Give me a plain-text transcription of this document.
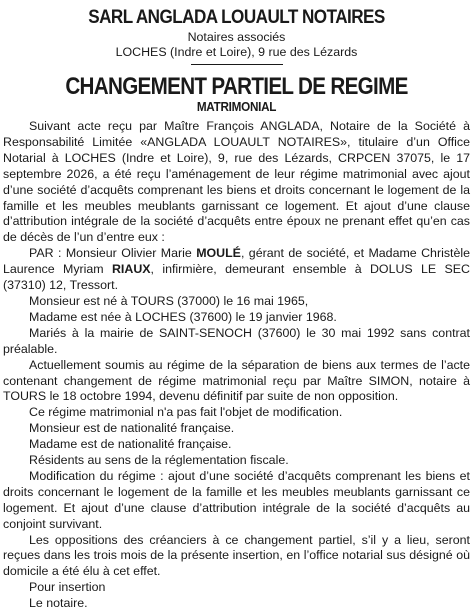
SARL ANGLADA LOUAULT NOTAIRES
Notaires associés
LOCHES (Indre et Loire), 9 rue des Lézards
CHANGEMENT PARTIEL DE REGIME
MATRIMONIAL

Suivant acte reçu par Maître François ANGLADA, Notaire de la Société à Responsabilité Limitée «ANGLADA LOUAULT NOTAIRES», titulaire d’un Office Notarial à LOCHES (Indre et Loire), 9, rue des Lézards, CRPCEN 37075, le 17 septembre 2026, a été reçu l’aménagement de leur régime matrimonial avec ajout d’une société d’acquêts comprenant les biens et droits concernant le logement de la famille et les meubles meublants garnissant ce logement. Et ajout d’une clause d’attribution intégrale de la société d’acquêts entre époux ne prenant effet qu’en cas de décès de l’un d’entre eux :

PAR : Monsieur Olivier Marie MOULÉ, gérant de société, et Madame Christèle Laurence Myriam RIAUX, infirmière, demeurant ensemble à DOLUS LE SEC (37310) 12, Tressort.

Monsieur est né à TOURS (37000) le 16 mai 1965,

Madame est née à LOCHES (37600) le 19 janvier 1968.

Mariés à la mairie de SAINT-SENOCH (37600) le 30 mai 1992 sans contrat préalable.

Actuellement soumis au régime de la séparation de biens aux termes de l’acte contenant changement de régime matrimonial reçu par Maître SIMON, notaire à TOURS le 18 octobre 1994, devenu définitif par suite de non opposition.

Ce régime matrimonial n'a pas fait l'objet de modification.

Monsieur est de nationalité française.

Madame est de nationalité française.

Résidents au sens de la réglementation fiscale.

Modification du régime : ajout d’une société d’acquêts comprenant les biens et droits concernant le logement de la famille et les meubles meublants garnissant ce logement. Et ajout d’une clause d’attribution intégrale de la société d’acquêts au conjoint survivant.

Les oppositions des créanciers à ce changement partiel, s’il y a lieu, seront reçues dans les trois mois de la présente insertion, en l’office notarial sus désigné où domicile a été élu à cet effet.

Pour insertion

Le notaire.
